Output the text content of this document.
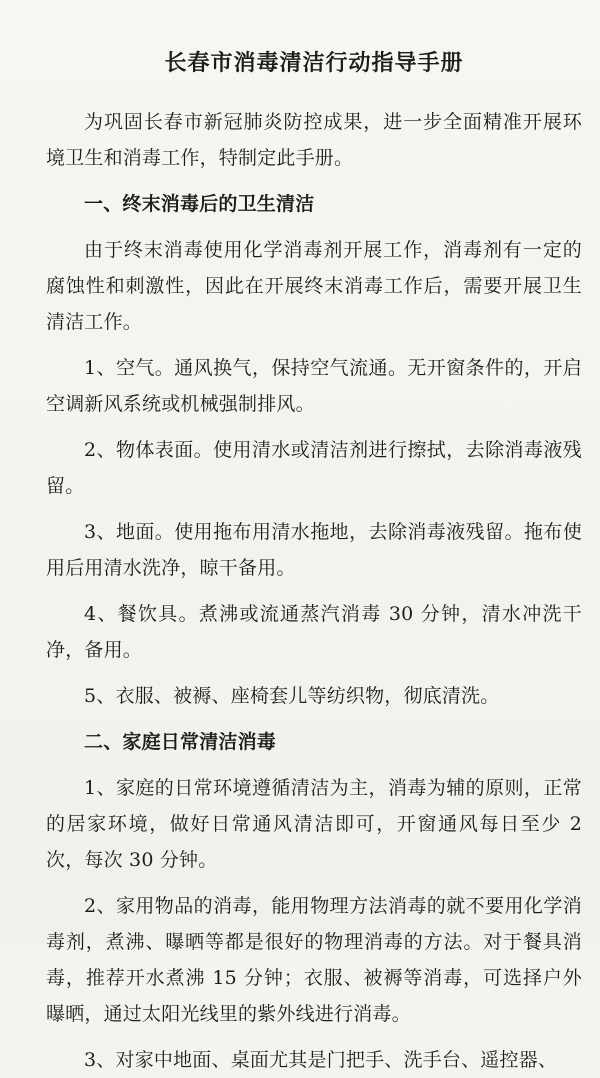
长春市消毒清洁行动指导手册

为巩固长春市新冠肺炎防控成果，进一步全面精准开展环境卫生和消毒工作，特制定此手册。

一、终末消毒后的卫生清洁

由于终末消毒使用化学消毒剂开展工作，消毒剂有一定的腐蚀性和刺激性，因此在开展终末消毒工作后，需要开展卫生清洁工作。

1、空气。通风换气，保持空气流通。无开窗条件的，开启空调新风系统或机械强制排风。

2、物体表面。使用清水或清洁剂进行擦拭，去除消毒液残留。

3、地面。使用拖布用清水拖地，去除消毒液残留。拖布使用后用清水洗净，晾干备用。

4、餐饮具。煮沸或流通蒸汽消毒 30 分钟，清水冲洗干净，备用。

5、衣服、被褥、座椅套儿等纺织物，彻底清洗。

二、家庭日常清洁消毒

1、家庭的日常环境遵循清洁为主，消毒为辅的原则，正常的居家环境，做好日常通风清洁即可，开窗通风每日至少 2 次，每次 30 分钟。

2、家用物品的消毒，能用物理方法消毒的就不要用化学消毒剂，煮沸、曝晒等都是很好的物理消毒的方法。对于餐具消毒，推荐开水煮沸 15 分钟；衣服、被褥等消毒，可选择户外曝晒，通过太阳光线里的紫外线进行消毒。

3、对家中地面、桌面尤其是门把手、洗手台、遥控器、
